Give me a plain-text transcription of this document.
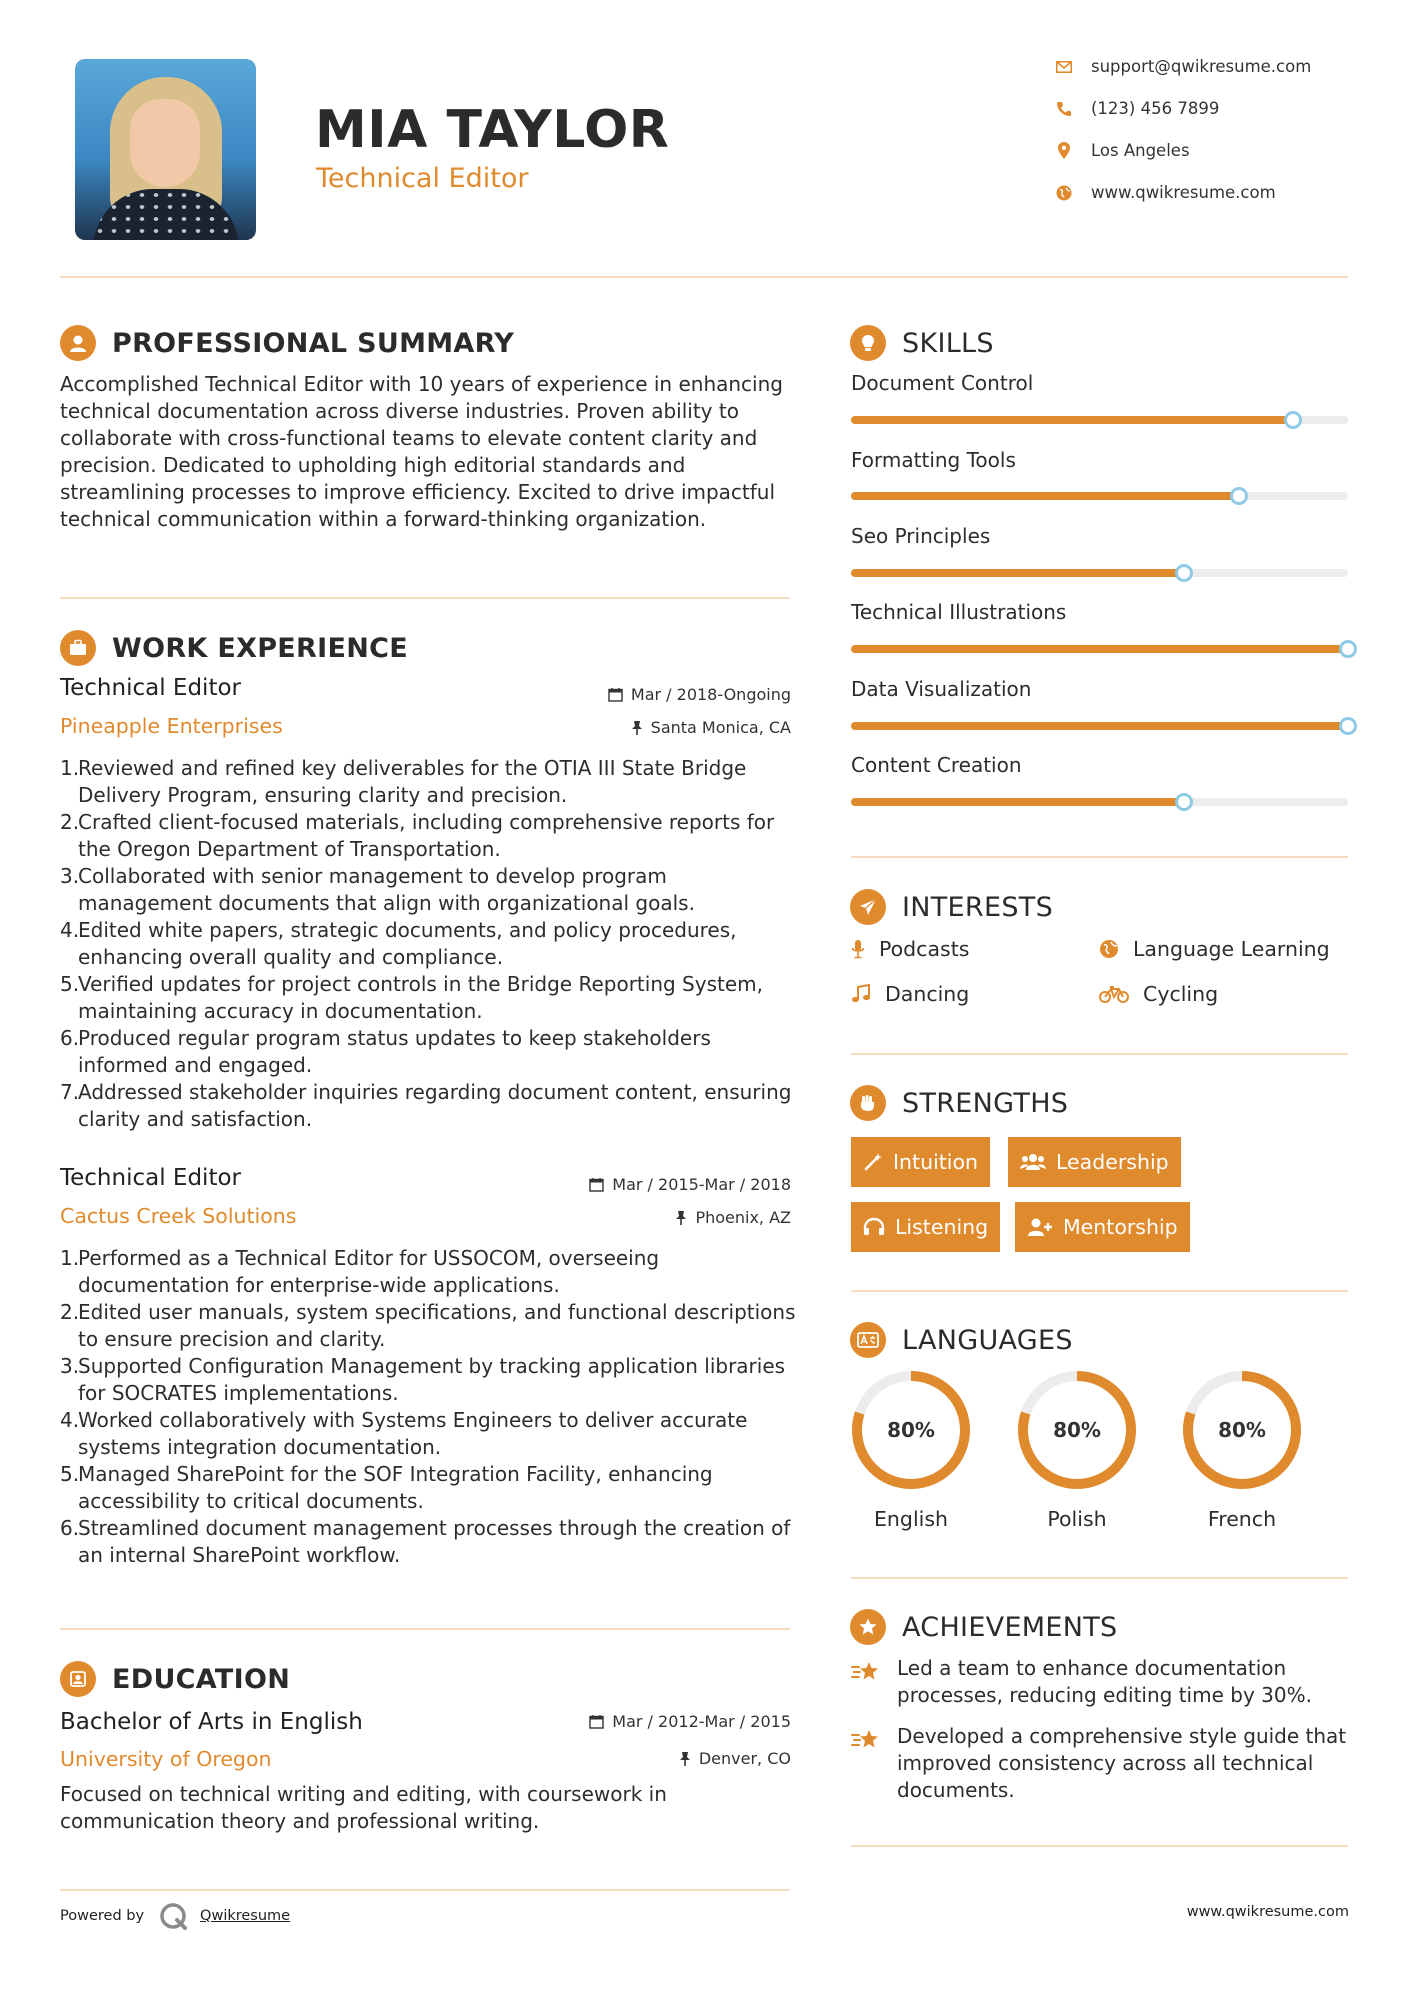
MIA TAYLOR
Technical Editor
support@qwikresume.com
(123) 456 7899
Los Angeles
www.qwikresume.com
PROFESSIONAL SUMMARY
Accomplished Technical Editor with 10 years of experience in enhancing technical documentation across diverse industries. Proven ability to collaborate with cross-functional teams to elevate content clarity and precision. Dedicated to upholding high editorial standards and streamlining processes to improve efficiency. Excited to drive impactful technical communication within a forward-thinking organization.
WORK EXPERIENCE
Technical Editor	Mar / 2018-Ongoing
Pineapple Enterprises	Santa Monica, CA
1.
Reviewed and refined key deliverables for the OTIA III State Bridge Delivery Program, ensuring clarity and precision.
2.
Crafted client-focused materials, including comprehensive reports for the Oregon Department of Transportation.
3.
Collaborated with senior management to develop program management documents that align with organizational goals.
4.
Edited white papers, strategic documents, and policy procedures, enhancing overall quality and compliance.
5.
Verified updates for project controls in the Bridge Reporting System, maintaining accuracy in documentation.
6.
Produced regular program status updates to keep stakeholders informed and engaged.
7.
Addressed stakeholder inquiries regarding document content, ensuring clarity and satisfaction.
Technical Editor	Mar / 2015-Mar / 2018
Cactus Creek Solutions	Phoenix, AZ
1.
Performed as a Technical Editor for USSOCOM, overseeing documentation for enterprise-wide applications.
2.
Edited user manuals, system specifications, and functional descriptions to ensure precision and clarity.
3.
Supported Configuration Management by tracking application libraries for SOCRATES implementations.
4.
Worked collaboratively with Systems Engineers to deliver accurate systems integration documentation.
5.
Managed SharePoint for the SOF Integration Facility, enhancing accessibility to critical documents.
6.
Streamlined document management processes through the creation of an internal SharePoint workflow.
EDUCATION
Bachelor of Arts in English	Mar / 2012-Mar / 2015
University of Oregon	Denver, CO
Focused on technical writing and editing, with coursework in communication theory and professional writing.
SKILLS
Document Control
Formatting Tools
Seo Principles
Technical Illustrations
Data Visualization
Content Creation
INTERESTS
Podcasts	Language Learning
Dancing	Cycling
STRENGTHS
Intuition	Leadership
Listening	Mentorship
LANGUAGES
80%
English
80%
Polish
80%
French
ACHIEVEMENTS
Led a team to enhance documentation processes, reducing editing time by 30%.
Developed a comprehensive style guide that improved consistency across all technical documents.
Powered by	Qwikresume	www.qwikresume.com
